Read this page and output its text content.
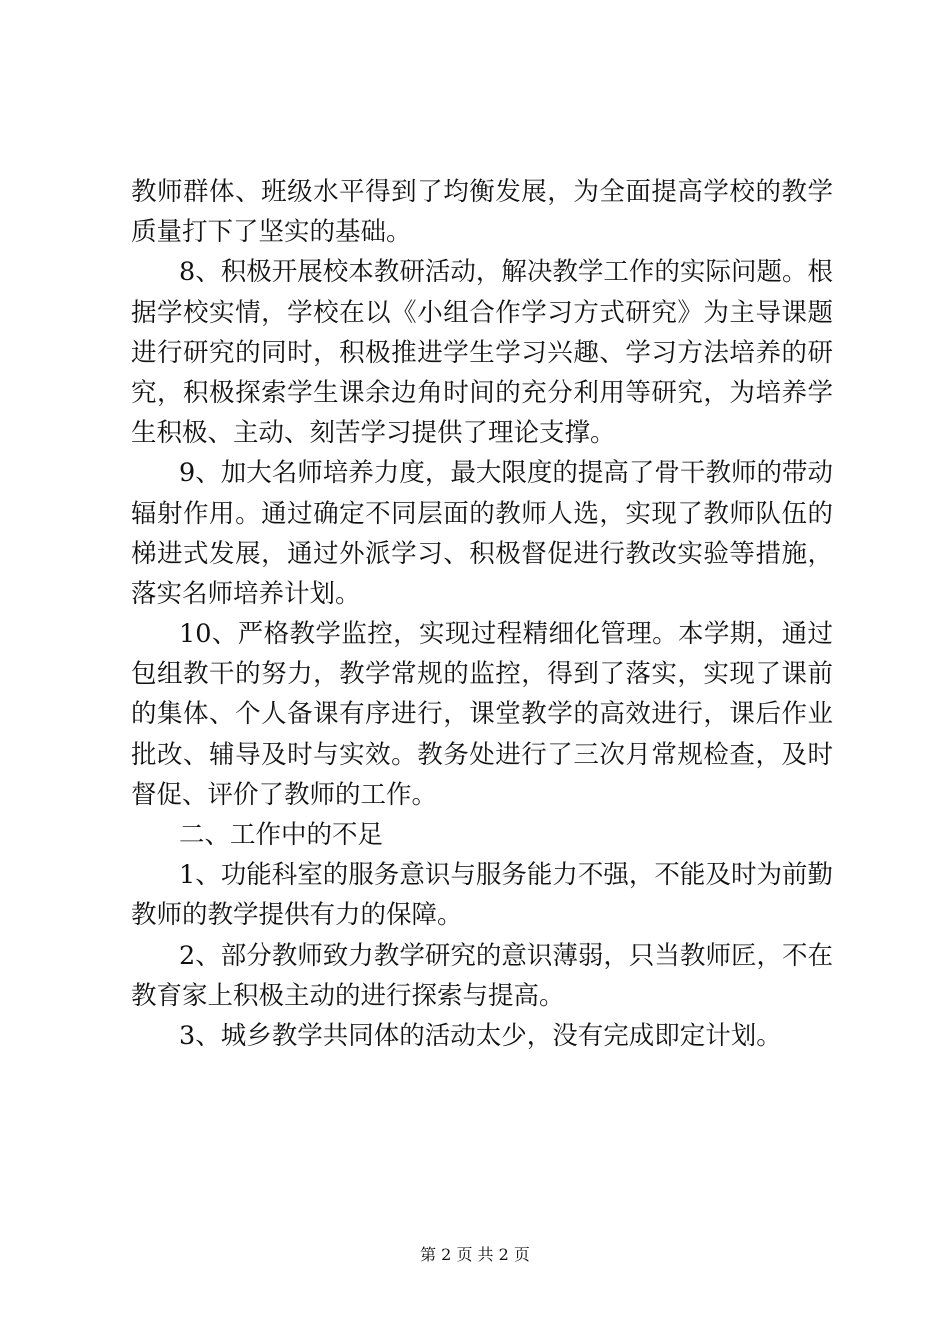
教师群体、班级水平得到了均衡发展，为全面提高学校的教学
质量打下了坚实的基础。
8、积极开展校本教研活动，解决教学工作的实际问题。根
据学校实情，学校在以《小组合作学习方式研究》为主导课题
进行研究的同时，积极推进学生学习兴趣、学习方法培养的研
究，积极探索学生课余边角时间的充分利用等研究，为培养学
生积极、主动、刻苦学习提供了理论支撑。
9、加大名师培养力度，最大限度的提高了骨干教师的带动
辐射作用。通过确定不同层面的教师人选，实现了教师队伍的
梯进式发展，通过外派学习、积极督促进行教改实验等措施，
落实名师培养计划。
10、严格教学监控，实现过程精细化管理。本学期，通过
包组教干的努力，教学常规的监控，得到了落实，实现了课前
的集体、个人备课有序进行，课堂教学的高效进行，课后作业
批改、辅导及时与实效。教务处进行了三次月常规检查，及时
督促、评价了教师的工作。
二、工作中的不足
1、功能科室的服务意识与服务能力不强，不能及时为前勤
教师的教学提供有力的保障。
2、部分教师致力教学研究的意识薄弱，只当教师匠，不在
教育家上积极主动的进行探索与提高。
3、城乡教学共同体的活动太少，没有完成即定计划。
第 2 页 共 2 页
